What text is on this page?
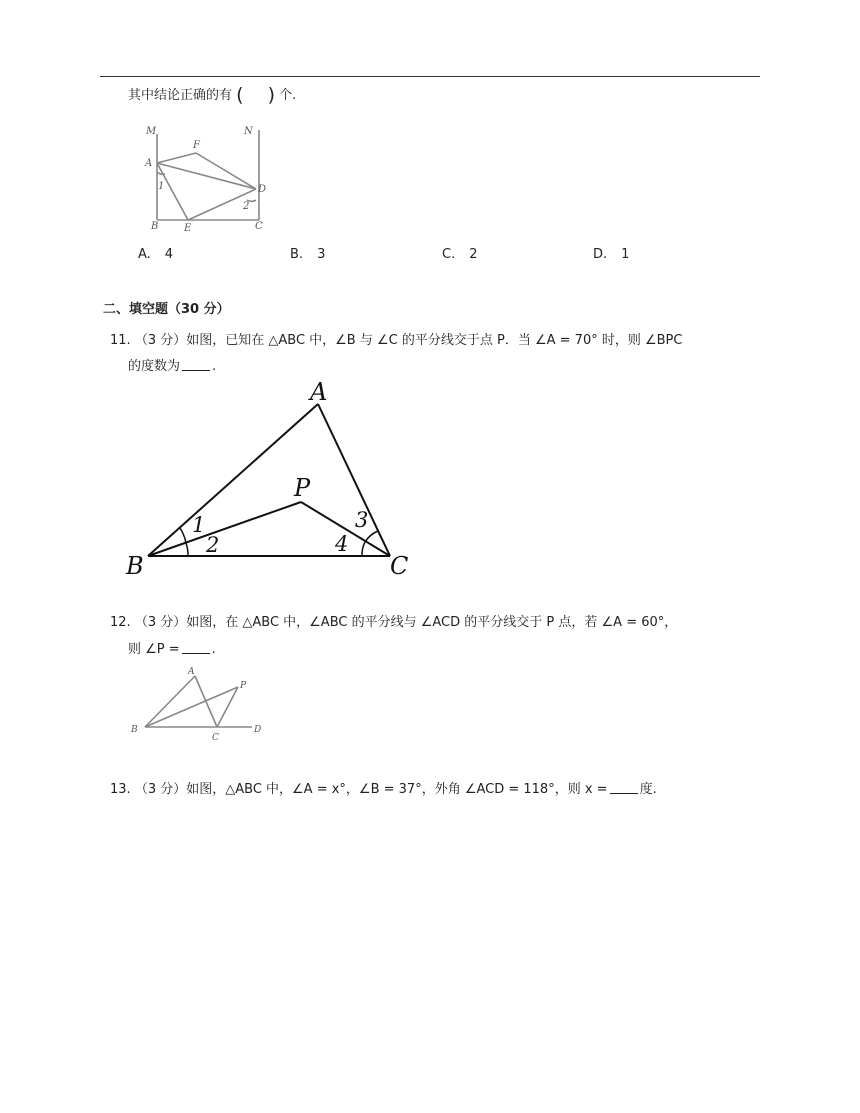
其中结论正确的有 ( ) 个.
M	N
A
F
D
B	E	C
1
2
A. 4	B. 3	C. 2	D. 1
二、填空题（30 分）
11. （3 分）如图，已知在 △ABC 中，∠B 与 ∠C 的平分线交于点 P．当 ∠A = 70° 时，则 ∠BPC
的度数为 .
A
P
B	C
1
2
3
4
12. （3 分）如图，在 △ABC 中，∠ABC 的平分线与 ∠ACD 的平分线交于 P 点，若 ∠A = 60°，
则 ∠P = .
A
P
B
C
D
13. （3 分）如图，△ABC 中，∠A = x°，∠B = 37°，外角 ∠ACD = 118°，则 x = 度.
